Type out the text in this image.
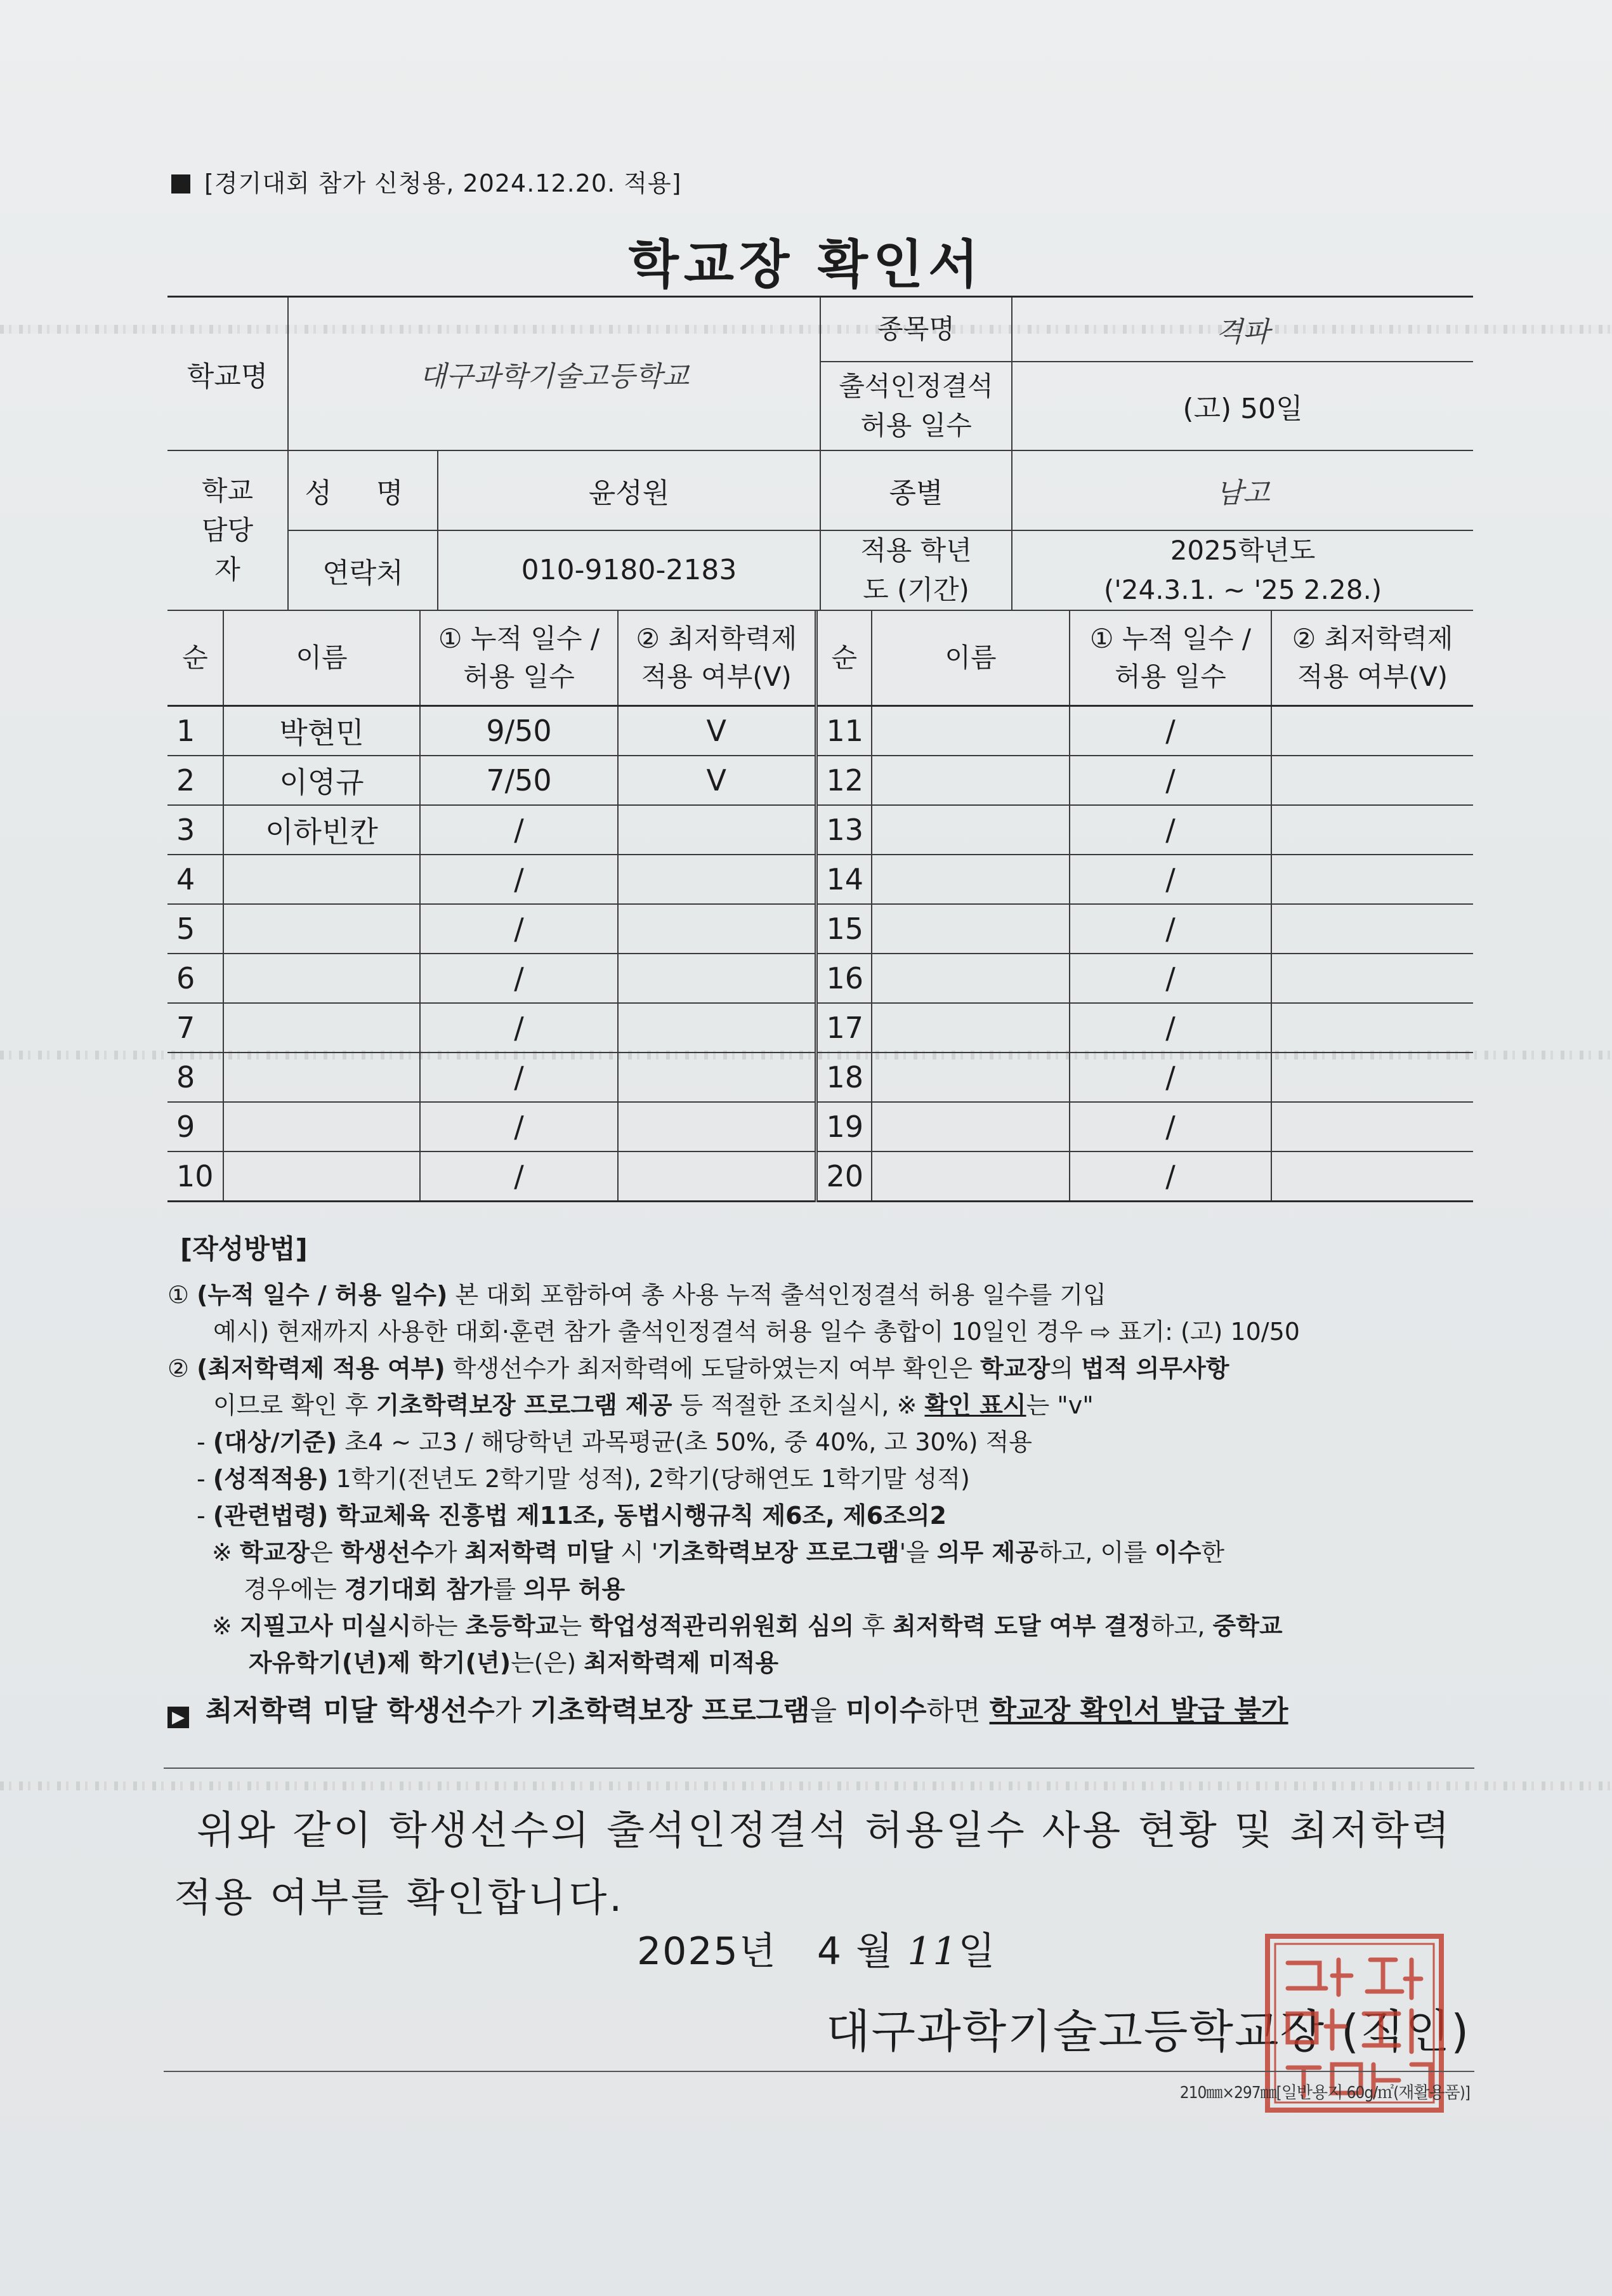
[경기대회 참가 신청용, 2024.12.20. 적용]
학교장 확인서
학교명	대구과학기술고등학교		종목명	격파

			출석인정결석 허용 일수	(고) 50일

학교 담당자	성 명	윤성원	종별	남고
	연락처	010-9180-2183	적용 학년도 (기간)	2025학년도
('24.3.1. ~ '25 2.28.)
순	이름	① 누적 일수 / 허용 일수	② 최저학력제 적용 여부(V)	순	이름	① 누적 일수 / 허용 일수	② 최저학력제 적용 여부(V)

1	박현민	9/50	V	11		/	
2	이영규	7/50	V	12		/	
3	이하빈칸	/		13		/	
4		/		14		/	
5		/		15		/	
6		/		16		/	
7		/		17		/	
8		/		18		/	
9		/		19		/	
10		/		20		/	
[작성방법]
① (누적 일수 / 허용 일수) 본 대회 포함하여 총 사용 누적 출석인정결석 허용 일수를 기입
예시) 현재까지 사용한 대회·훈련 참가 출석인정결석 허용 일수 총합이 10일인 경우 ⇨ 표기: (고) 10/50
② (최저학력제 적용 여부) 학생선수가 최저학력에 도달하였는지 여부 확인은 학교장의 법적 의무사항
이므로 확인 후 기초학력보장 프로그램 제공 등 적절한 조치실시, ※ 확인 표시는 "v"
- (대상/기준) 초4 ~ 고3 / 해당학년 과목평균(초 50%, 중 40%, 고 30%) 적용
- (성적적용) 1학기(전년도 2학기말 성적), 2학기(당해연도 1학기말 성적)
- (관련법령) 학교체육 진흥법 제11조, 동법시행규칙 제6조, 제6조의2
※ 학교장은 학생선수가 최저학력 미달 시 '기초학력보장 프로그램'을 의무 제공하고, 이를 이수한
경우에는 경기대회 참가를 의무 허용
※ 지필고사 미실시하는 초등학교는 학업성적관리위원회 심의 후 최저학력 도달 여부 결정하고, 중학교
자유학기(년)제 학기(년)는(은) 최저학력제 미적용
▶ 최저학력 미달 학생선수가 기초학력보장 프로그램을 미이수하면 학교장 확인서 발급 불가
위와 같이 학생선수의 출석인정결석 허용일수 사용 현황 및 최저학력
적용 여부를 확인합니다.
2025년 4 월 11일
대구과학기술고등학교장 (직인)
210㎜×297㎜[일반용지 60g/㎡(재활용품)]
